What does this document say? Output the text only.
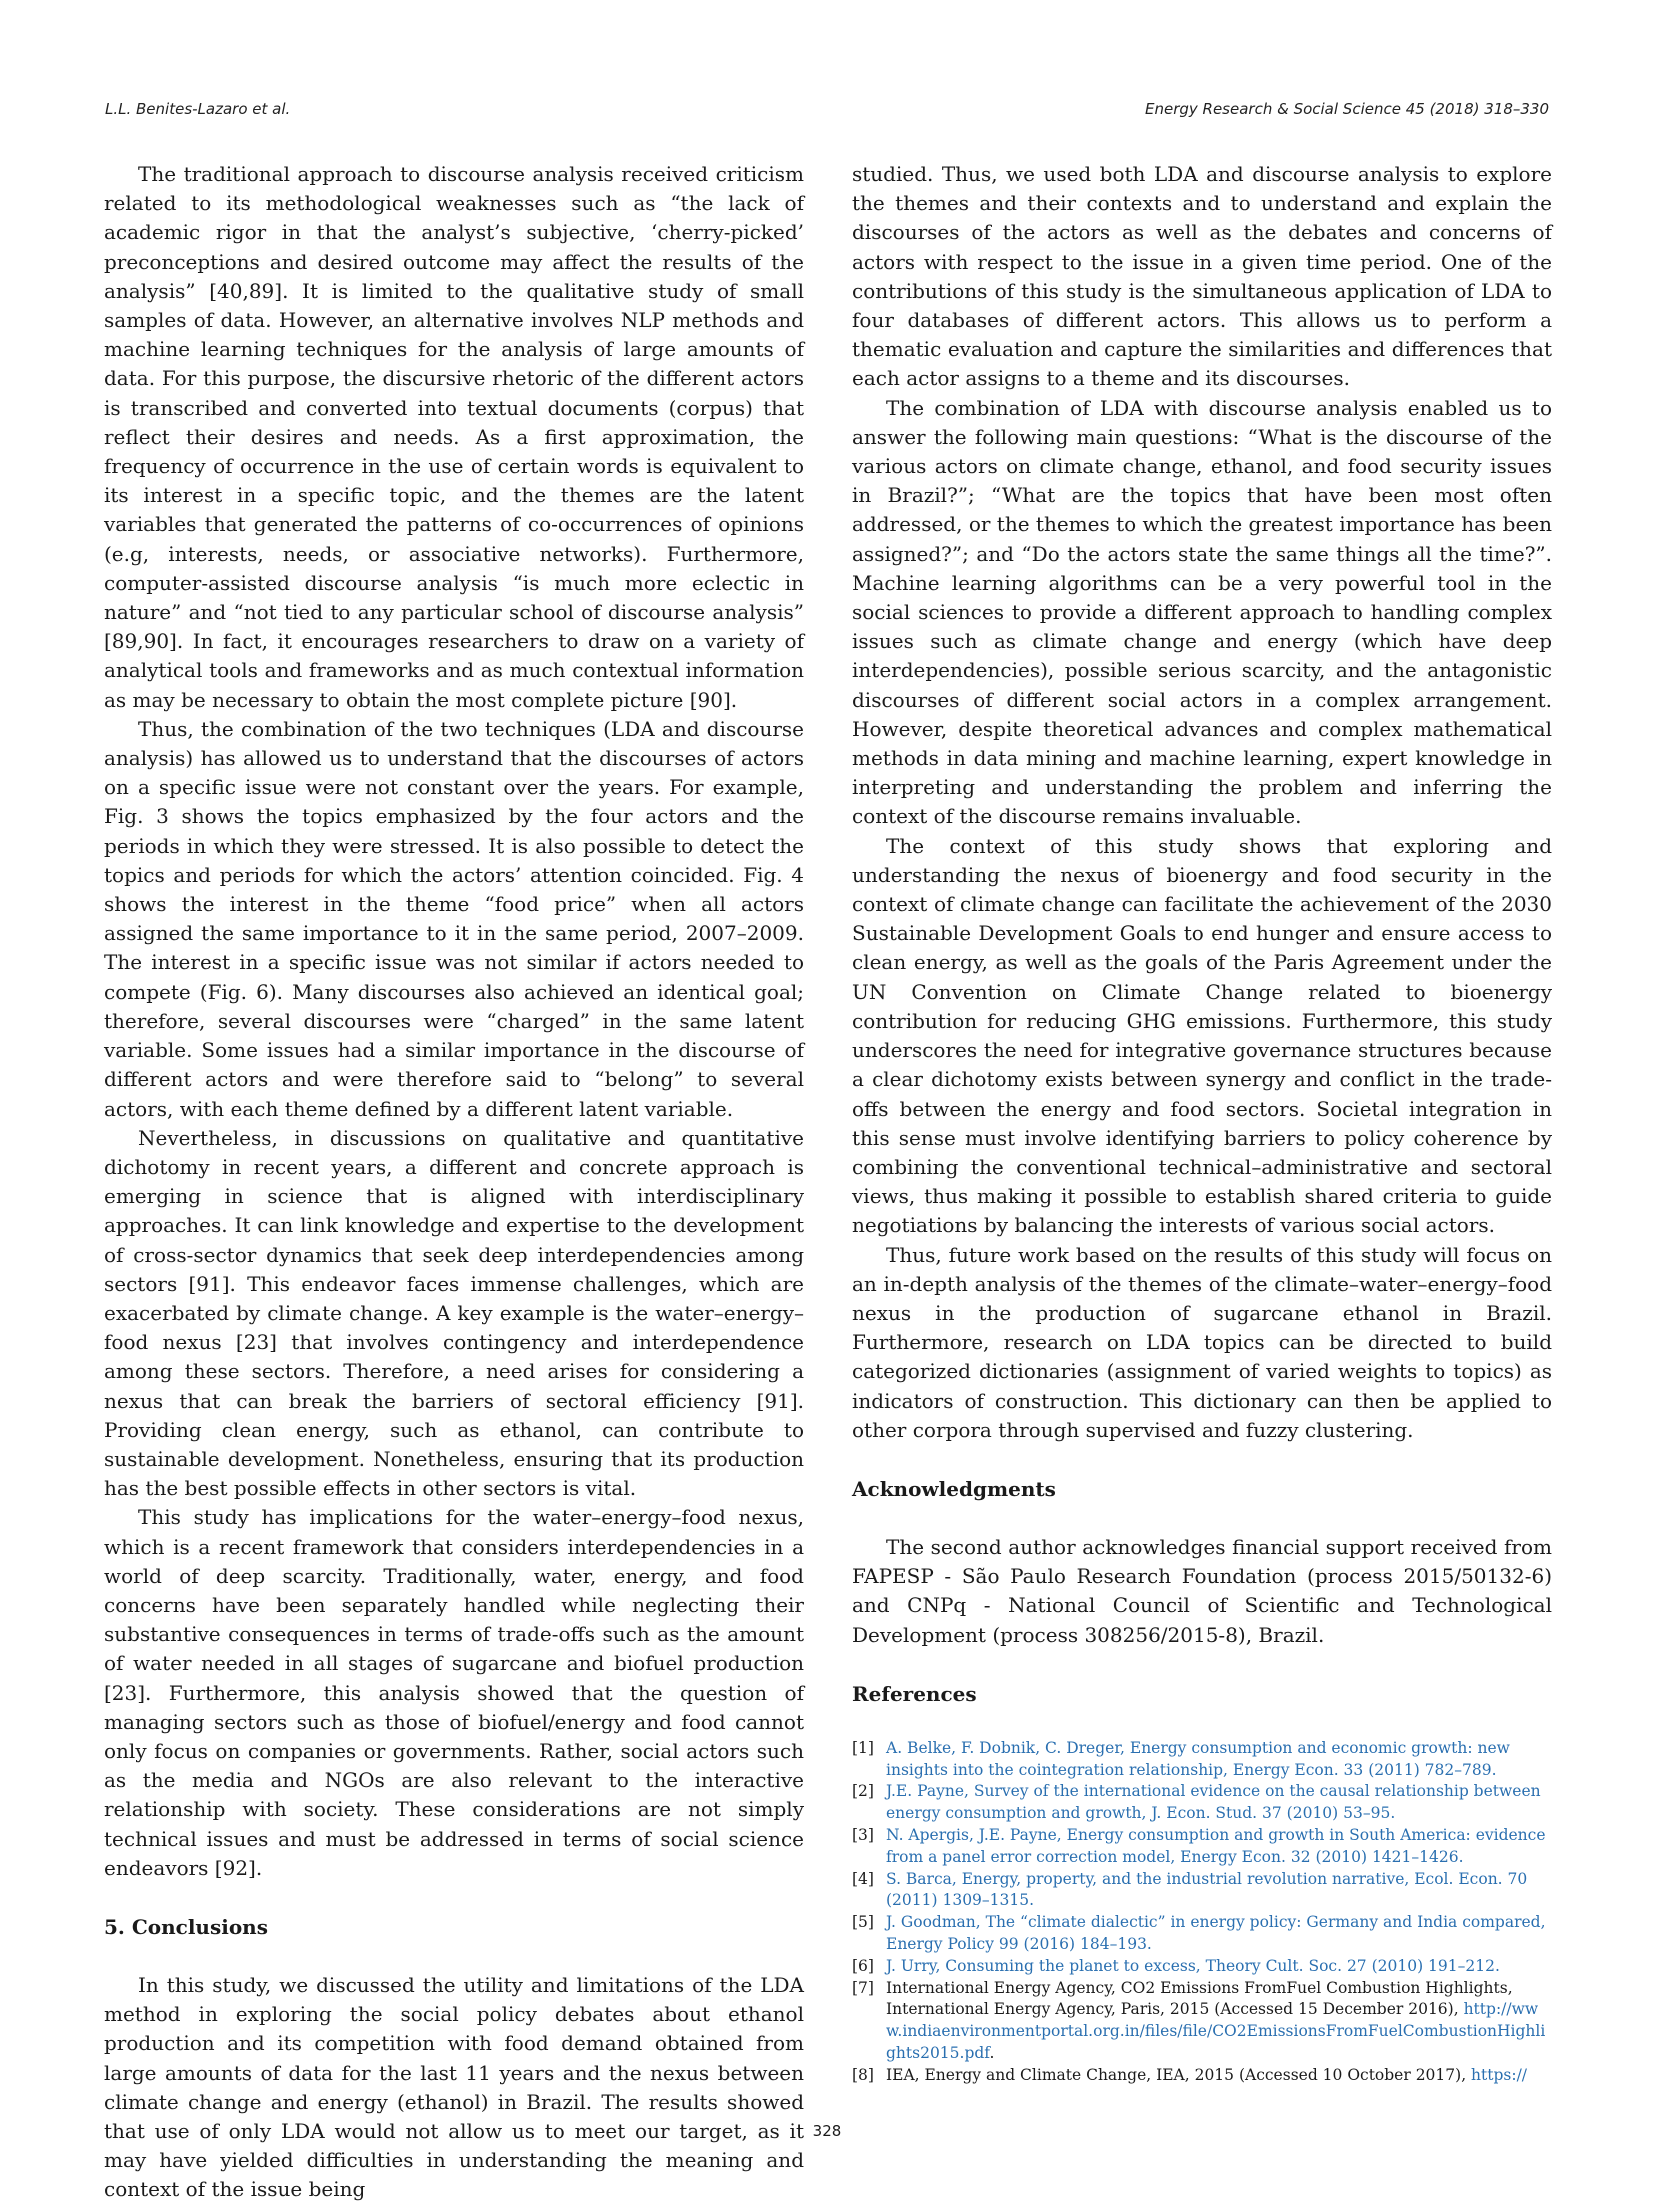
L.L. Benites-Lazaro et al.	Energy Research & Social Science 45 (2018) 318–330

The traditional approach to discourse analysis received criticism related to its methodological weaknesses such as “the lack of academic rigor in that the analyst’s subjective, ‘cherry-picked’ preconceptions and desired outcome may affect the results of the analysis” [40,89]. It is limited to the qualitative study of small samples of data. However, an alternative involves NLP methods and machine learning techniques for the analysis of large amounts of data. For this purpose, the discursive rhetoric of the different actors is transcribed and converted into textual documents (corpus) that reflect their desires and needs. As a first approximation, the frequency of occurrence in the use of certain words is equivalent to its interest in a specific topic, and the themes are the latent variables that generated the patterns of co-occurrences of opinions (e.g, interests, needs, or associative networks). Furthermore, computer-assisted discourse analysis “is much more eclectic in nature” and “not tied to any particular school of discourse analysis” [89,90]. In fact, it encourages researchers to draw on a variety of analytical tools and frameworks and as much contextual information as may be necessary to obtain the most complete picture [90].

Thus, the combination of the two techniques (LDA and discourse analysis) has allowed us to understand that the discourses of actors on a specific issue were not constant over the years. For example, Fig. 3 shows the topics emphasized by the four actors and the periods in which they were stressed. It is also possible to detect the topics and periods for which the actors’ attention coincided. Fig. 4 shows the interest in the theme “food price” when all actors assigned the same importance to it in the same period, 2007–2009. The interest in a specific issue was not similar if actors needed to compete (Fig. 6). Many discourses also achieved an identical goal; therefore, several discourses were “charged” in the same latent variable. Some issues had a similar importance in the discourse of different actors and were therefore said to “belong” to several actors, with each theme defined by a different latent variable.

Nevertheless, in discussions on qualitative and quantitative dichotomy in recent years, a different and concrete approach is emerging in science that is aligned with interdisciplinary approaches. It can link knowledge and expertise to the development of cross-sector dynamics that seek deep interdependencies among sectors [91]. This endeavor faces immense challenges, which are exacerbated by climate change. A key example is the water–energy–food nexus [23] that involves contingency and interdependence among these sectors. Therefore, a need arises for considering a nexus that can break the barriers of sectoral efficiency [91]. Providing clean energy, such as ethanol, can contribute to sustainable development. Nonetheless, ensuring that its production has the best possible effects in other sectors is vital.

This study has implications for the water–energy–food nexus, which is a recent framework that considers interdependencies in a world of deep scarcity. Traditionally, water, energy, and food concerns have been separately handled while neglecting their substantive consequences in terms of trade-offs such as the amount of water needed in all stages of sugarcane and biofuel production [23]. Furthermore, this analysis showed that the question of managing sectors such as those of biofuel/energy and food cannot only focus on companies or governments. Rather, social actors such as the media and NGOs are also relevant to the interactive relationship with society. These considerations are not simply technical issues and must be addressed in terms of social science endeavors [92].

5. Conclusions

In this study, we discussed the utility and limitations of the LDA method in exploring the social policy debates about ethanol production and its competition with food demand obtained from large amounts of data for the last 11 years and the nexus between climate change and energy (ethanol) in Brazil. The results showed that use of only LDA would not allow us to meet our target, as it may have yielded difficulties in understanding the meaning and context of the issue being

studied. Thus, we used both LDA and discourse analysis to explore the themes and their contexts and to understand and explain the discourses of the actors as well as the debates and concerns of actors with respect to the issue in a given time period. One of the contributions of this study is the simultaneous application of LDA to four databases of different actors. This allows us to perform a thematic evaluation and capture the similarities and differences that each actor assigns to a theme and its discourses.

The combination of LDA with discourse analysis enabled us to answer the following main questions: “What is the discourse of the various actors on climate change, ethanol, and food security issues in Brazil?”; “What are the topics that have been most often addressed, or the themes to which the greatest importance has been assigned?”; and “Do the actors state the same things all the time?”. Machine learning algorithms can be a very powerful tool in the social sciences to provide a different approach to handling complex issues such as climate change and energy (which have deep interdependencies), possible serious scarcity, and the antagonistic discourses of different social actors in a complex arrangement. However, despite theoretical advances and complex mathematical methods in data mining and machine learning, expert knowledge in interpreting and understanding the problem and inferring the context of the discourse remains invaluable.

The context of this study shows that exploring and understanding the nexus of bioenergy and food security in the context of climate change can facilitate the achievement of the 2030 Sustainable Development Goals to end hunger and ensure access to clean energy, as well as the goals of the Paris Agreement under the UN Convention on Climate Change related to bioenergy contribution for reducing GHG emissions. Furthermore, this study underscores the need for integrative governance structures because a clear dichotomy exists between synergy and conflict in the trade-offs between the energy and food sectors. Societal integration in this sense must involve identifying barriers to policy coherence by combining the conventional technical–administrative and sectoral views, thus making it possible to establish shared criteria to guide negotiations by balancing the interests of various social actors.

Thus, future work based on the results of this study will focus on an in-depth analysis of the themes of the climate–water–energy–food nexus in the production of sugarcane ethanol in Brazil. Furthermore, research on LDA topics can be directed to build categorized dictionaries (assignment of varied weights to topics) as indicators of construction. This dictionary can then be applied to other corpora through supervised and fuzzy clustering.

Acknowledgments

The second author acknowledges financial support received from FAPESP - São Paulo Research Foundation (process 2015/50132-6) and CNPq - National Council of Scientific and Technological Development (process 308256/2015-8), Brazil.

References
[1] A. Belke, F. Dobnik, C. Dreger, Energy consumption and economic growth: new insights into the cointegration relationship, Energy Econ. 33 (2011) 782–789.
[2] J.E. Payne, Survey of the international evidence on the causal relationship between energy consumption and growth, J. Econ. Stud. 37 (2010) 53–95.
[3] N. Apergis, J.E. Payne, Energy consumption and growth in South America: evidence from a panel error correction model, Energy Econ. 32 (2010) 1421–1426.
[4] S. Barca, Energy, property, and the industrial revolution narrative, Ecol. Econ. 70 (2011) 1309–1315.
[5] J. Goodman, The “climate dialectic” in energy policy: Germany and India compared, Energy Policy 99 (2016) 184–193.
[6] J. Urry, Consuming the planet to excess, Theory Cult. Soc. 27 (2010) 191–212.
[7] International Energy Agency, CO2 Emissions FromFuel Combustion Highlights, International Energy Agency, Paris, 2015 (Accessed 15 December 2016), http://www.indiaenvironmentportal.org.in/files/file/CO2EmissionsFromFuelCombustionHighlights2015.pdf.
[8] IEA, Energy and Climate Change, IEA, 2015 (Accessed 10 October 2017), https://
328
